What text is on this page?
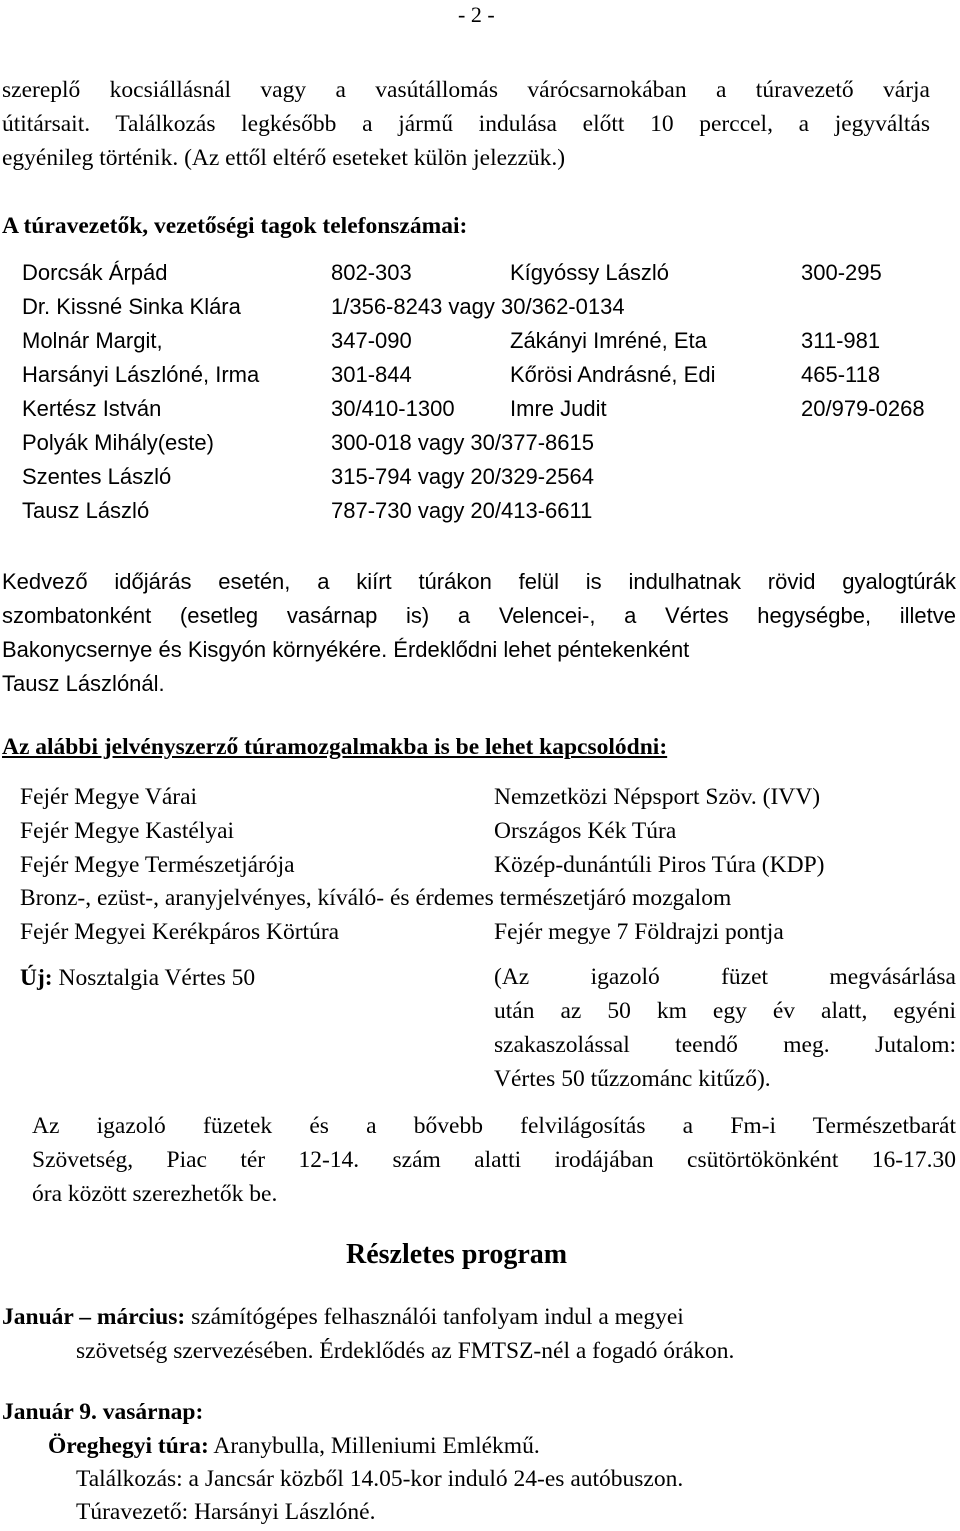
- 2 -
szereplő kocsiállásnál vagy a vasútállomás várócsarnokában a túravezető várja
útitársait. Találkozás legkésőbb a jármű indulása előtt 10 perccel, a jegyváltás
egyénileg történik. (Az ettől eltérő eseteket külön jelezzük.)
A túravezetők, vezetőségi tagok telefonszámai:
Dorcsák Árpád	802-303	Kígyóssy László	300-295
Dr. Kissné Sinka Klára	1/356-8243 vagy 30/362-0134
Molnár Margit,	347-090	Zákányi Imréné, Eta	311-981
Harsányi Lászlóné, Irma	301-844	Kőrösi Andrásné, Edi	465-118
Kertész István	30/410-1300	Imre Judit	20/979-0268
Polyák Mihály(este)	300-018 vagy 30/377-8615
Szentes László	315-794 vagy 20/329-2564
Tausz László	787-730 vagy 20/413-6611
Kedvező időjárás esetén, a kiírt túrákon felül is indulhatnak rövid gyalogtúrák
szombatonként (esetleg vasárnap is) a Velencei-, a Vértes hegységbe, illetve
Bakonycsernye és Kisgyón környékére. Érdeklődni lehet péntekenként
Tausz Lászlónál.
Az alábbi jelvényszerző túramozgalmakba is be lehet kapcsolódni:
Fejér Megye Várai	Nemzetközi Népsport Szöv. (IVV)
Fejér Megye Kastélyai	Országos Kék Túra
Fejér Megye Természetjárója	Közép-dunántúli Piros Túra (KDP)
Bronz-, ezüst-, aranyjelvényes, kíváló- és érdemes természetjáró mozgalom
Fejér Megyei Kerékpáros Körtúra	Fejér megye 7 Földrajzi pontja
Új: Nosztalgia Vértes 50	(Az igazoló füzet megvásárlása
után az 50 km egy év alatt, egyéni
szakaszolással teendő meg. Jutalom:
Vértes 50 tűzzománc kitűző).
Az igazoló füzetek és a bővebb felvilágosítás a Fm-i Természetbarát
Szövetség, Piac tér 12-14. szám alatti irodájában csütörtökönként 16-17.30
óra között szerezhetők be.
Részletes program
Január – március: számítógépes felhasználói tanfolyam indul a megyei
szövetség szervezésében. Érdeklődés az FMTSZ-nél a fogadó órákon.
Január 9. vasárnap:
Öreghegyi túra: Aranybulla, Milleniumi Emlékmű.
Találkozás: a Jancsár közből 14.05-kor induló 24-es autóbuszon.
Túravezető: Harsányi Lászlóné.
